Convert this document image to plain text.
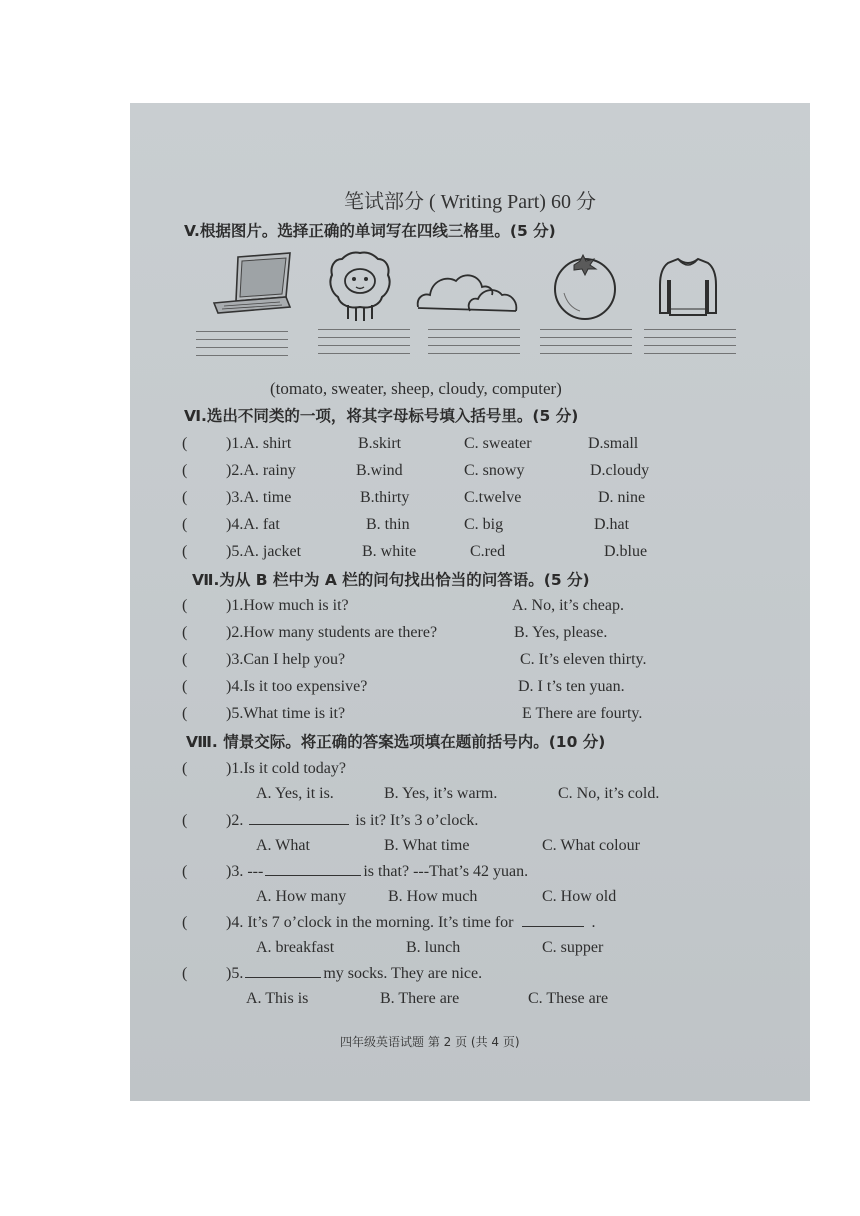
笔试部分 ( Writing Part) 60 分
V.根据图片。选择正确的单词写在四线三格里。(5 分)
(tomato, sweater, sheep, cloudy, computer)
Ⅵ.选出不同类的一项，将其字母标号填入括号里。(5 分)
( )1.A. shirt	B.skirt	C. sweater	D.small
( )2.A. rainy	B.wind	C. snowy	D.cloudy
( )3.A. time	B.thirty	C.twelve	D. nine
( )4.A. fat	B. thin	C. big	D.hat
( )5.A. jacket	B. white	C.red	D.blue
Ⅶ.为从 B 栏中为 A 栏的问句找出恰当的问答语。(5 分)
( )1.How much is it?	A. No, it’s cheap.
( )2.How many students are there?	B. Yes, please.
( )3.Can I help you?	C. It’s eleven thirty.
( )4.Is it too expensive?	D. I t’s ten yuan.
( )5.What time is it?	E There are fourty.
Ⅷ. 情景交际。将正确的答案选项填在题前括号内。(10 分)
( )1.Is it cold today?
A. Yes, it is.	B. Yes, it’s warm.	C. No, it’s cold.
( )2.	is it? It’s 3 o’clock.
A. What	B. What time	C. What colour
( )3. ---	is that? ---That’s 42 yuan.
A. How many	B. How much	C. How old
( )4. It’s 7 o’clock in the morning. It’s time for	.
A. breakfast	B. lunch	C. supper
( )5.	my socks. They are nice.
A. This is	B. There are	C. These are
四年级英语试题 第 2 页 (共 4 页)
